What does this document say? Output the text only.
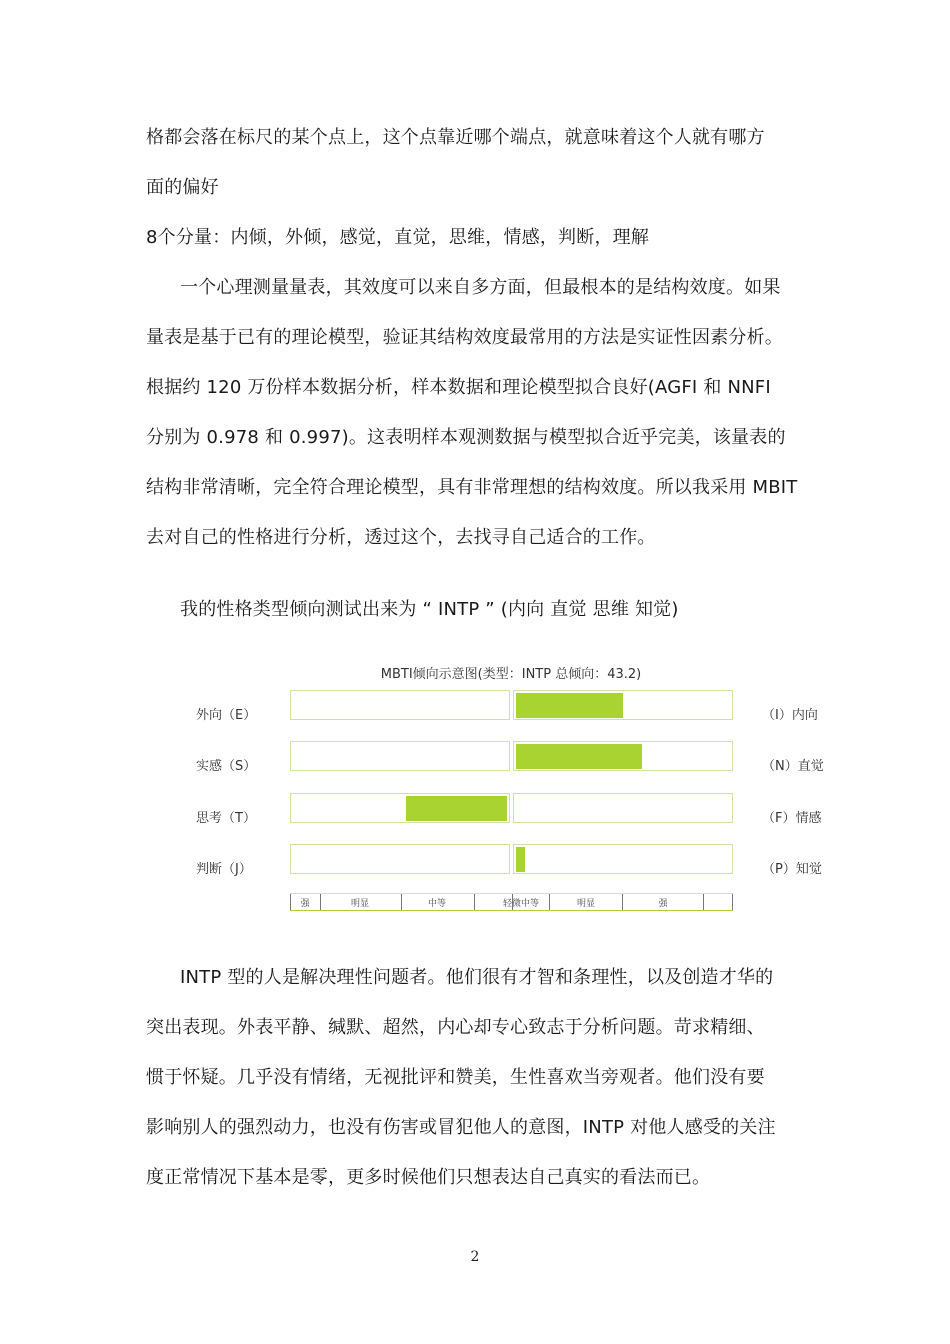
格都会落在标尺的某个点上，这个点靠近哪个端点，就意味着这个人就有哪方
面的偏好
8个分量：内倾，外倾，感觉，直觉，思维，情感，判断，理解
一个心理测量量表，其效度可以来自多方面，但最根本的是结构效度。如果
量表是基于已有的理论模型，验证其结构效度最常用的方法是实证性因素分析。
根据约 120 万份样本数据分析，样本数据和理论模型拟合良好(AGFI 和 NNFI
分别为 0.978 和 0.997)。这表明样本观测数据与模型拟合近乎完美，该量表的
结构非常清晰，完全符合理论模型，具有非常理想的结构效度。所以我采用 MBIT
去对自己的性格进行分析，透过这个，去找寻自己适合的工作。
我的性格类型倾向测试出来为 “ INTP ” (内向 直觉 思维 知觉)
MBTI倾向示意图(类型：INTP 总倾向：43.2)
外向（E）	（I）内向
实感（S）	（N）直觉
思考（T）	（F）情感
判断（J）	（P）知觉
强	明显	中等	轻微 中等	明显	强
2
INTP 型的人是解决理性问题者。他们很有才智和条理性，以及创造才华的
突出表现。外表平静、缄默、超然，内心却专心致志于分析问题。苛求精细、
惯于怀疑。几乎没有情绪，无视批评和赞美，生性喜欢当旁观者。他们没有要
影响别人的强烈动力，也没有伤害或冒犯他人的意图，INTP 对他人感受的关注
度正常情况下基本是零，更多时候他们只想表达自己真实的看法而已。
